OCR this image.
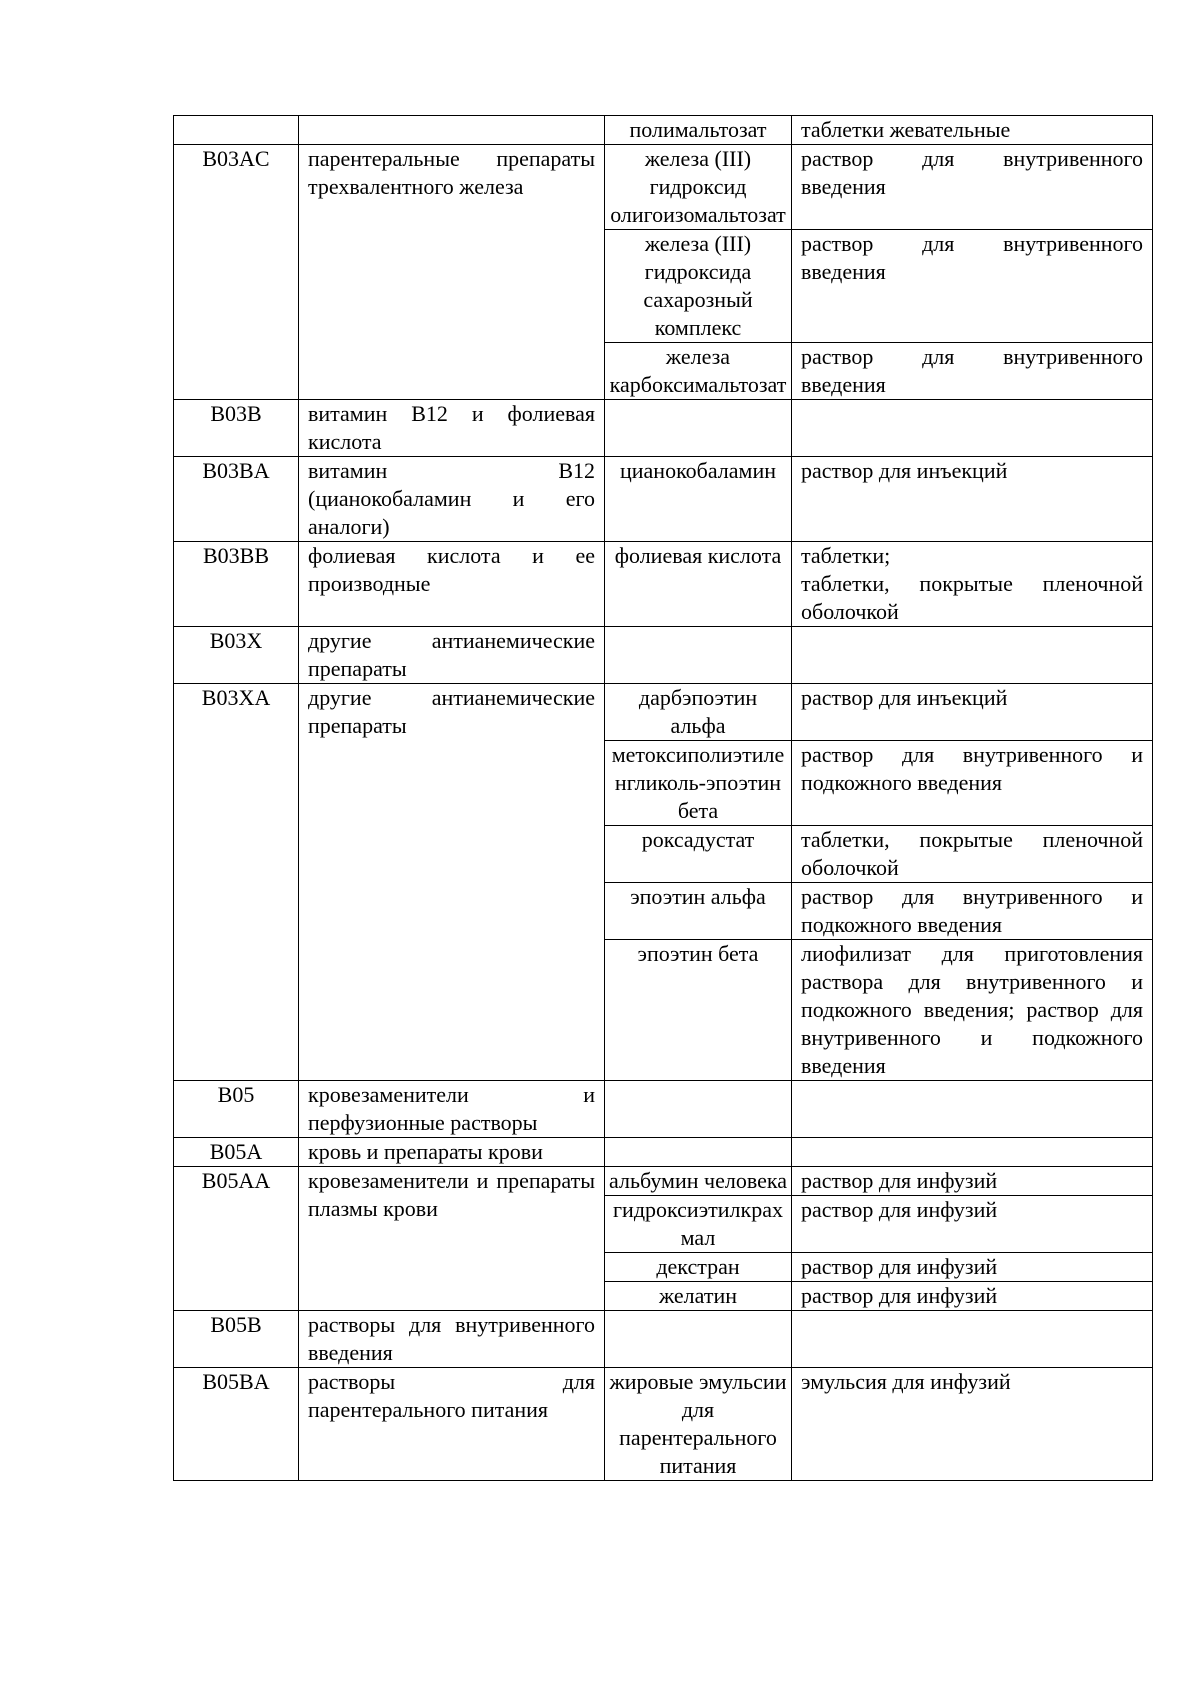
		полимальтозат	таблетки жевательные

B03AC	парентеральные препараты трехвалентного железа	железа (III) гидроксид олигоизомальтозат	раствор для внутривенного введения

		железа (III) гидроксида сахарозный комплекс	раствор для внутривенного введения

		железа карбоксимальтозат	раствор для внутривенного введения

B03B	витамин B12 и фолиевая кислота		

B03BA	витамин B12 (цианокобаламин и его аналоги)	цианокобаламин	раствор для инъекций

B03BB	фолиевая кислота и ее производные	фолиевая кислота	таблетки;
таблетки, покрытые пленочной оболочкой

B03X	другие антианемические препараты		

B03XA	другие антианемические препараты	дарбэпоэтин альфа	раствор для инъекций

		метоксиполиэтиленгликоль-эпоэтин бета	раствор для внутривенного и подкожного введения

		роксадустат	таблетки, покрытые пленочной оболочкой

		эпоэтин альфа	раствор для внутривенного и подкожного введения

		эпоэтин бета	лиофилизат для приготовления раствора для внутривенного и подкожного введения; раствор для внутривенного и подкожного введения

B05	кровезаменители и перфузионные растворы		

B05A	кровь и препараты крови		

B05AA	кровезаменители и препараты плазмы крови	альбумин человека	раствор для инфузий

		гидроксиэтилкрахмал	раствор для инфузий

		декстран	раствор для инфузий

		желатин	раствор для инфузий

B05B	растворы для внутривенного введения		

B05BA	растворы для парентерального питания	жировые эмульсии для парентерального питания	эмульсия для инфузий
